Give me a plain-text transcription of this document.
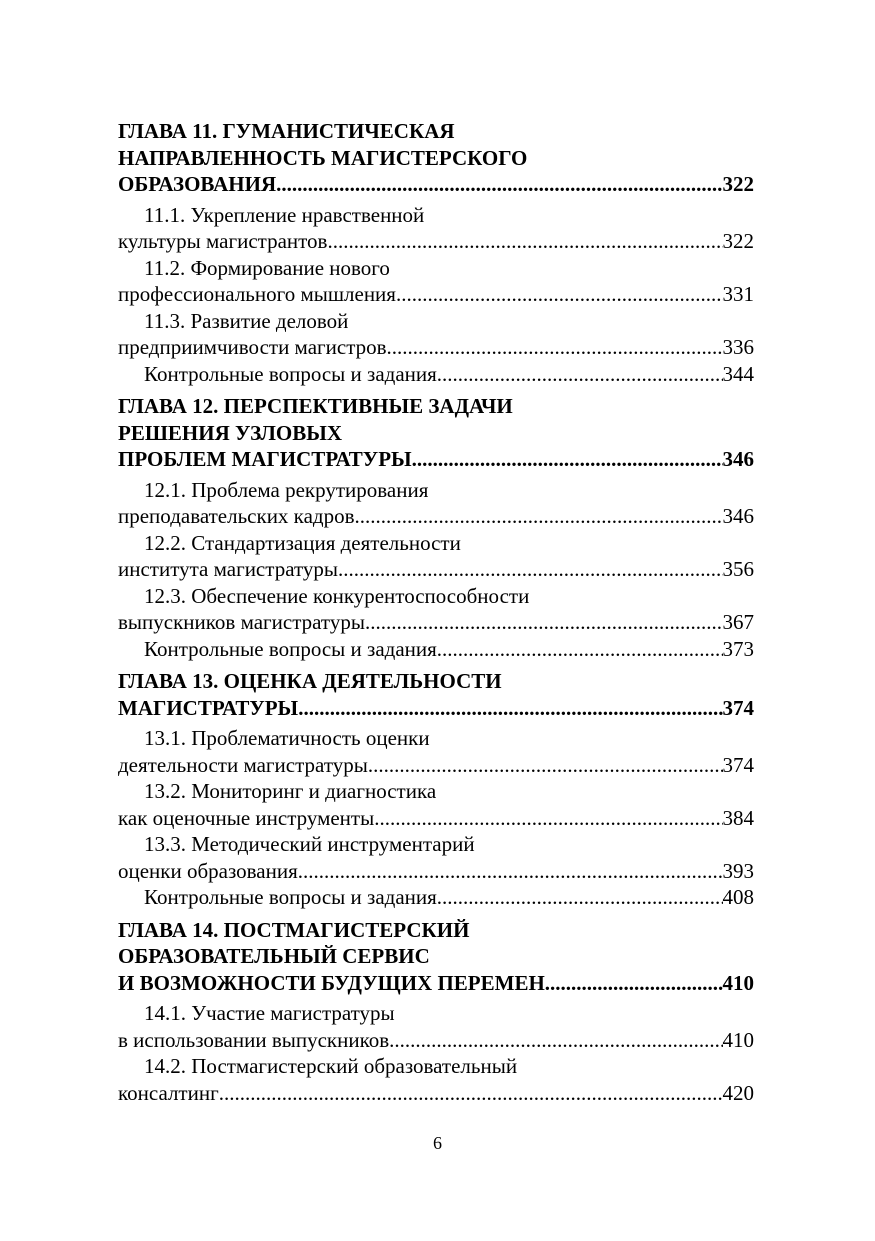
ГЛАВА 11. ГУМАНИСТИЧЕСКАЯ
НАПРАВЛЕННОСТЬ МАГИСТЕРСКОГО
ОБРАЗОВАНИЯ .....	322
11.1. Укрепление нравственной
культуры магистрантов .....	322
11.2. Формирование нового
профессионального мышления .....	331
11.3. Развитие деловой
предприимчивости магистров .....	336
Контрольные вопросы и задания .....	344
ГЛАВА 12. ПЕРСПЕКТИВНЫЕ ЗАДАЧИ
РЕШЕНИЯ УЗЛОВЫХ
ПРОБЛЕМ МАГИСТРАТУРЫ .....	346
12.1. Проблема рекрутирования
преподавательских кадров .....	346
12.2. Стандартизация деятельности
института магистратуры .....	356
12.3. Обеспечение конкурентоспособности
выпускников магистратуры .....	367
Контрольные вопросы и задания .....	373
ГЛАВА 13. ОЦЕНКА ДЕЯТЕЛЬНОСТИ
МАГИСТРАТУРЫ .....	374
13.1. Проблематичность оценки
деятельности магистратуры .....	374
13.2. Мониторинг и диагностика
как оценочные инструменты .....	384
13.3. Методический инструментарий
оценки образования .....	393
Контрольные вопросы и задания .....	408
ГЛАВА 14. ПОСТМАГИСТЕРСКИЙ
ОБРАЗОВАТЕЛЬНЫЙ СЕРВИС
И ВОЗМОЖНОСТИ БУДУЩИХ ПЕРЕМЕН .....	410
14.1. Участие магистратуры
в использовании выпускников .....	410
14.2. Постмагистерский образовательный
консалтинг .....	420
6
